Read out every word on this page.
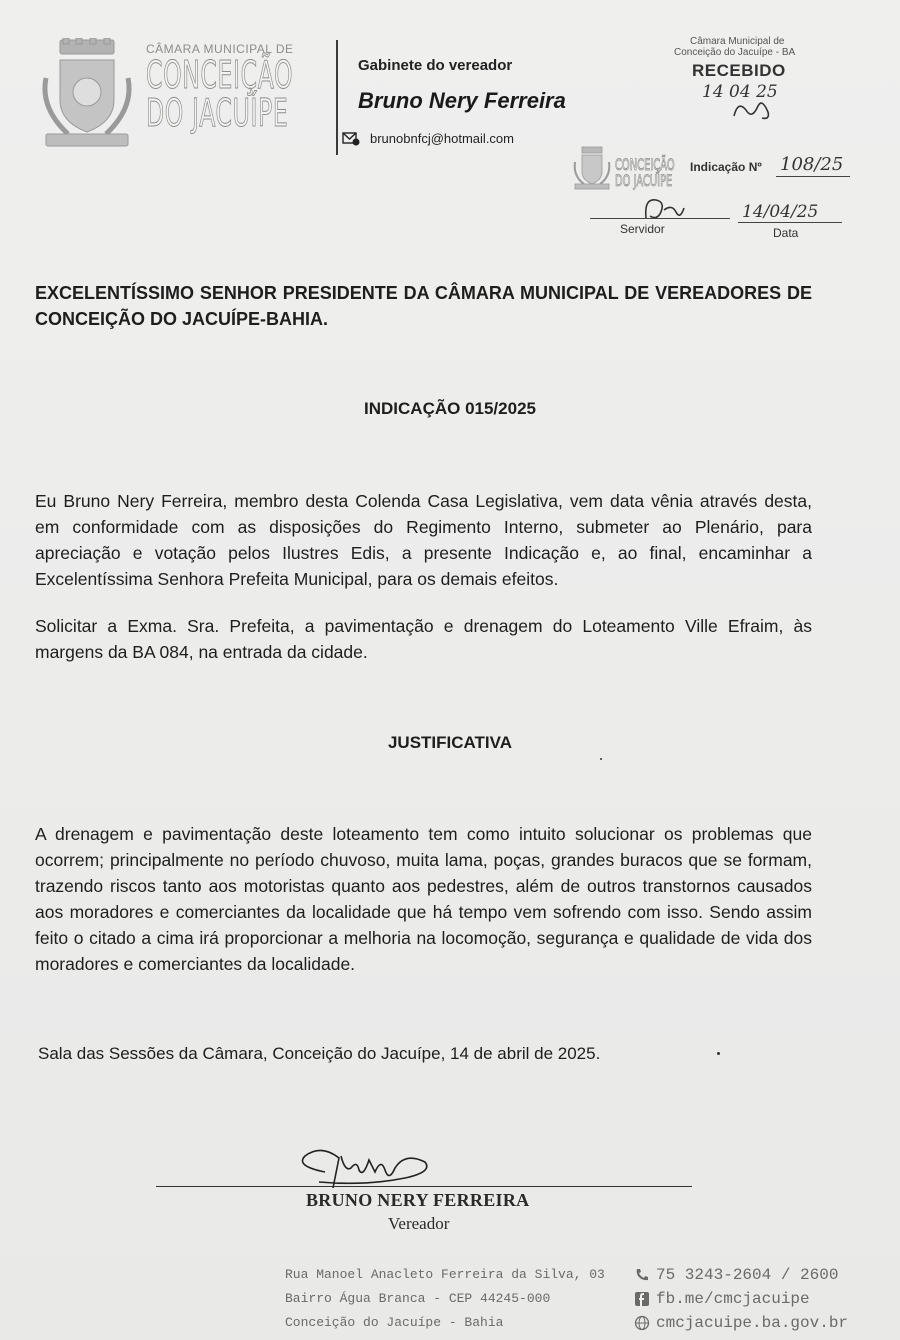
CÂMARA MUNICIPAL DE
CONCEIÇÃO
DO JACUÍPE
Gabinete do vereador
Bruno Nery Ferreira
brunobnfcj@hotmail.com
Câmara Municipal de
Conceição do Jacuípe - BA
RECEBIDO
14 04 25
CONCEIÇÃO
DO JACUÍPE
Indicação Nº 108/25
Servidor
14/04/25
Data
EXCELENTÍSSIMO SENHOR PRESIDENTE DA CÂMARA MUNICIPAL DE VEREADORES DE CONCEIÇÃO DO JACUÍPE-BAHIA.
INDICAÇÃO 015/2025
Eu Bruno Nery Ferreira, membro desta Colenda Casa Legislativa, vem data vênia através desta, em conformidade com as disposições do Regimento Interno, submeter ao Plenário, para apreciação e votação pelos Ilustres Edis, a presente Indicação e, ao final, encaminhar a Excelentíssima Senhora Prefeita Municipal, para os demais efeitos.
Solicitar a Exma. Sra. Prefeita, a pavimentação e drenagem do Loteamento Ville Efraim, às margens da BA 084, na entrada da cidade.
JUSTIFICATIVA
A drenagem e pavimentação deste loteamento tem como intuito solucionar os problemas que ocorrem; principalmente no período chuvoso, muita lama, poças, grandes buracos que se formam, trazendo riscos tanto aos motoristas quanto aos pedestres, além de outros transtornos causados aos moradores e comerciantes da localidade que há tempo vem sofrendo com isso. Sendo assim feito o citado a cima irá proporcionar a melhoria na locomoção, segurança e qualidade de vida dos moradores e comerciantes da localidade.
Sala das Sessões da Câmara, Conceição do Jacuípe, 14 de abril de 2025.
BRUNO NERY FERREIRA
Vereador
Rua Manoel Anacleto Ferreira da Silva, 03
Bairro Água Branca - CEP 44245-000
Conceição do Jacuípe - Bahia
75 3243-2604 / 2600
fb.me/cmcjacuipe
cmcjacuipe.ba.gov.br
